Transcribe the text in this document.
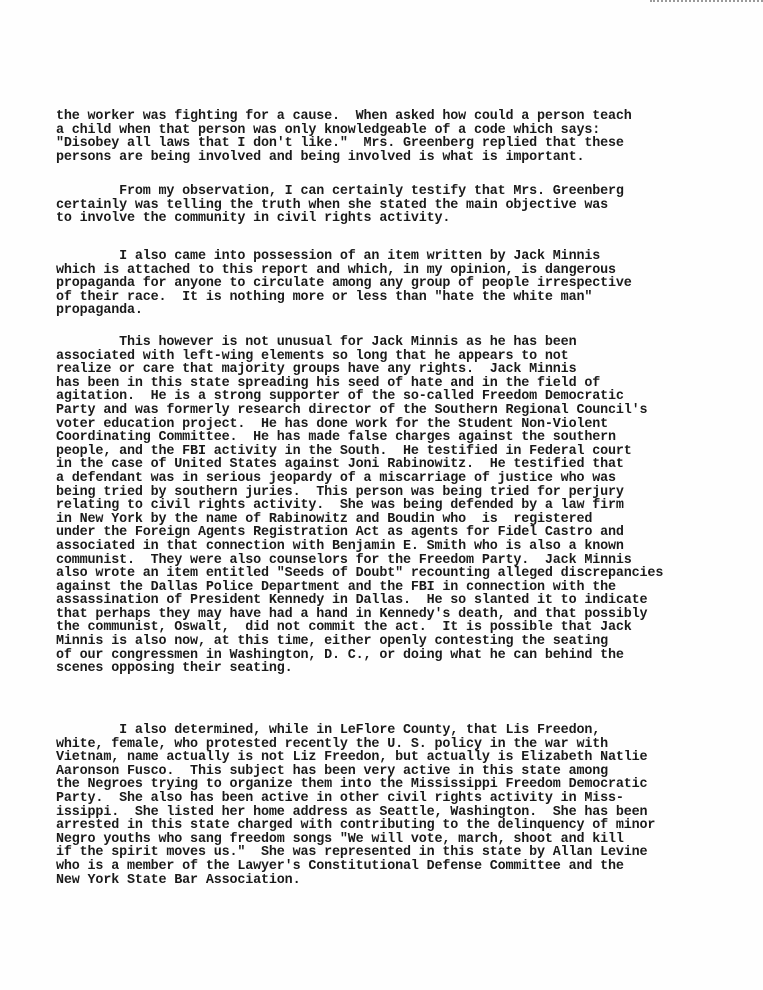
the worker was fighting for a cause.  When asked how could a person teach
a child when that person was only knowledgeable of a code which says:
"Disobey all laws that I don't like."  Mrs. Greenberg replied that these
persons are being involved and being involved is what is important.
From my observation, I can certainly testify that Mrs. Greenberg
certainly was telling the truth when she stated the main objective was
to involve the community in civil rights activity.
I also came into possession of an item written by Jack Minnis
which is attached to this report and which, in my opinion, is dangerous
propaganda for anyone to circulate among any group of people irrespective
of their race.  It is nothing more or less than "hate the white man"
propaganda.
This however is not unusual for Jack Minnis as he has been
associated with left-wing elements so long that he appears to not
realize or care that majority groups have any rights.  Jack Minnis
has been in this state spreading his seed of hate and in the field of
agitation.  He is a strong supporter of the so-called Freedom Democratic
Party and was formerly research director of the Southern Regional Council's
voter education project.  He has done work for the Student Non-Violent
Coordinating Committee.  He has made false charges against the southern
people, and the FBI activity in the South.  He testified in Federal court
in the case of United States against Joni Rabinowitz.  He testified that
a defendant was in serious jeopardy of a miscarriage of justice who was
being tried by southern juries.  This person was being tried for perjury
relating to civil rights activity.  She was being defended by a law firm
in New York by the name of Rabinowitz and Boudin who  is  registered
under the Foreign Agents Registration Act as agents for Fidel Castro and
associated in that connection with Benjamin E. Smith who is also a known
communist.  They were also counselors for the Freedom Party.  Jack Minnis
also wrote an item entitled "Seeds of Doubt" recounting alleged discrepancies
against the Dallas Police Department and the FBI in connection with the
assassination of President Kennedy in Dallas.  He so slanted it to indicate
that perhaps they may have had a hand in Kennedy's death, and that possibly
the communist, Oswalt,  did not commit the act.  It is possible that Jack
Minnis is also now, at this time, either openly contesting the seating
of our congressmen in Washington, D. C., or doing what he can behind the
scenes opposing their seating.
I also determined, while in LeFlore County, that Lis Freedon,
white, female, who protested recently the U. S. policy in the war with
Vietnam, name actually is not Liz Freedon, but actually is Elizabeth Natlie
Aaronson Fusco.  This subject has been very active in this state among
the Negroes trying to organize them into the Mississippi Freedom Democratic
Party.  She also has been active in other civil rights activity in Miss-
issippi.  She listed her home address as Seattle, Washington.  She has been
arrested in this state charged with contributing to the delinquency of minor
Negro youths who sang freedom songs "We will vote, march, shoot and kill
if the spirit moves us."  She was represented in this state by Allan Levine
who is a member of the Lawyer's Constitutional Defense Committee and the
New York State Bar Association.
